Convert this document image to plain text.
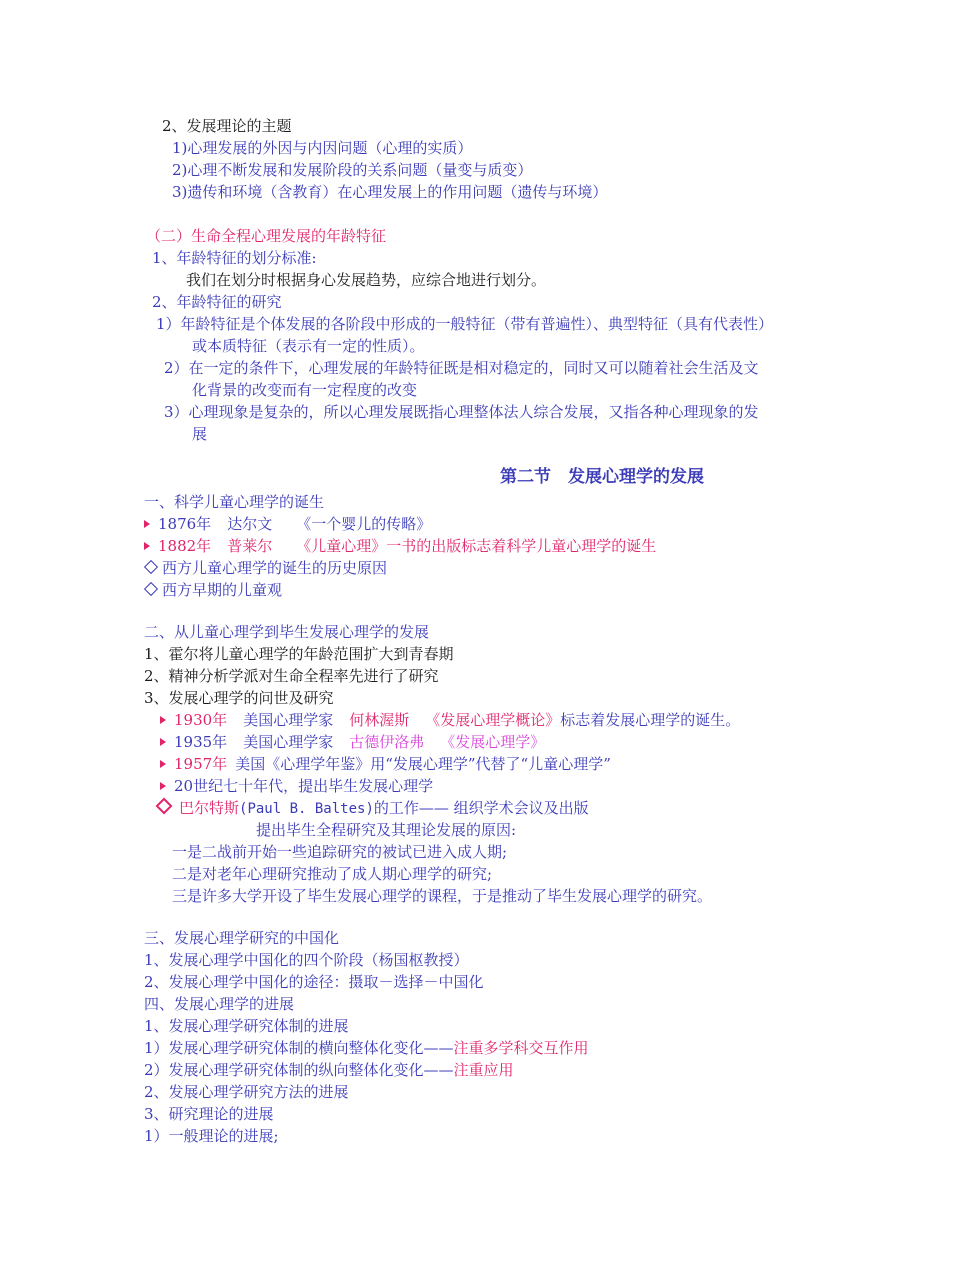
2、发展理论的主题
1)心理发展的外因与内因问题（心理的实质）
2)心理不断发展和发展阶段的关系问题（量变与质变）
3)遗传和环境（含教育）在心理发展上的作用问题（遗传与环境）
（二）生命全程心理发展的年龄特征
1、年龄特征的划分标准:
我们在划分时根据身心发展趋势，应综合地进行划分。
2、年龄特征的研究
1）年龄特征是个体发展的各阶段中形成的一般特征（带有普遍性）、典型特征（具有代表性）
或本质特征（表示有一定的性质）。
2）在一定的条件下，心理发展的年龄特征既是相对稳定的，同时又可以随着社会生活及文
化背景的改变而有一定程度的改变
3）心理现象是复杂的，所以心理发展既指心理整体法人综合发展，又指各种心理现象的发
展
第二节　发展心理学的发展
一、科学儿童心理学的诞生
1876年 达尔文 《一个婴儿的传略》
1882年 普莱尔 《儿童心理》一书的出版标志着科学儿童心理学的诞生
西方儿童心理学的诞生的历史原因
西方早期的儿童观
二、从儿童心理学到毕生发展心理学的发展
1、霍尔将儿童心理学的年龄范围扩大到青春期
2、精神分析学派对生命全程率先进行了研究
3、发展心理学的问世及研究
1930年 美国心理学家 何林渥斯 《发展心理学概论》标志着发展心理学的诞生。
1935年 美国心理学家 古德伊洛弗 《发展心理学》
1957年 美国《心理学年鉴》用“发展心理学”代替了“儿童心理学”
20世纪七十年代，提出毕生发展心理学
巴尔特斯(Paul B. Baltes)的工作—— 组织学术会议及出版
提出毕生全程研究及其理论发展的原因:
一是二战前开始一些追踪研究的被试已进入成人期;
二是对老年心理研究推动了成人期心理学的研究;
三是许多大学开设了毕生发展心理学的课程，于是推动了毕生发展心理学的研究。
三、发展心理学研究的中国化
1、发展心理学中国化的四个阶段（杨国枢教授）
2、发展心理学中国化的途径：摄取－选择－中国化
四、发展心理学的进展
1、发展心理学研究体制的进展
1）发展心理学研究体制的横向整体化变化——注重多学科交互作用
2）发展心理学研究体制的纵向整体化变化——注重应用
2、发展心理学研究方法的进展
3、研究理论的进展
1）一般理论的进展;
